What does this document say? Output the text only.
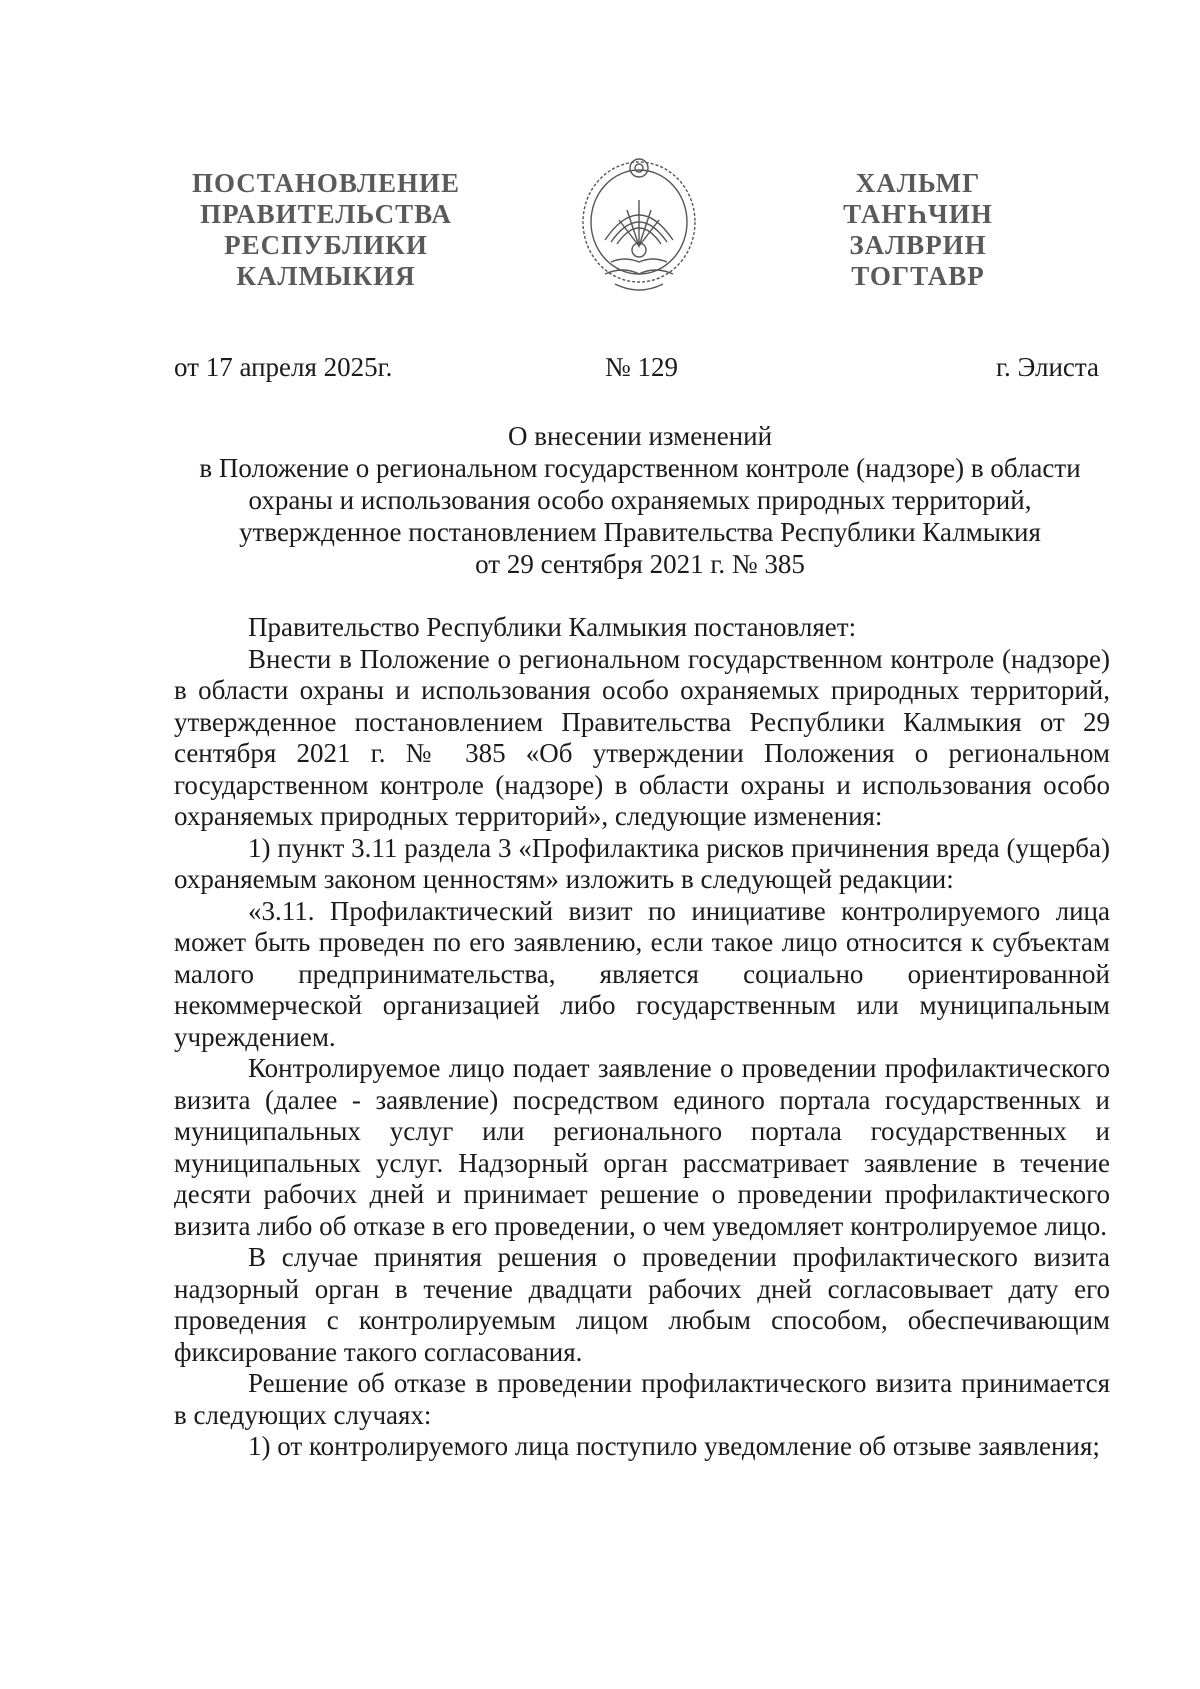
ПОСТАНОВЛЕНИЕ
ПРАВИТЕЛЬСТВА
РЕСПУБЛИКИ
КАЛМЫКИЯ
ХАЛЬМГ
ТАҤҺЧИН
ЗАЛВРИН
ТОГТАВР
от 17 апреля 2025г.	№ 129	г. Элиста
О внесении изменений
в Положение о региональном государственном контроле (надзоре) в области
охраны и использования особо охраняемых природных территорий,
утвержденное постановлением Правительства Республики Калмыкия
от 29 сентября 2021 г. № 385

Правительство Республики Калмыкия постановляет:

Внести в Положение о региональном государственном контроле (надзоре) в области охраны и использования особо охраняемых природных территорий, утвержденное постановлением Правительства Республики Калмыкия от 29 сентября 2021 г. № 385 «Об утверждении Положения о региональном государственном контроле (надзоре) в области охраны и использования особо охраняемых природных территорий», следующие изменения:

1) пункт 3.11 раздела 3 «Профилактика рисков причинения вреда (ущерба) охраняемым законом ценностям» изложить в следующей редакции:

«3.11. Профилактический визит по инициативе контролируемого лица может быть проведен по его заявлению, если такое лицо относится к субъектам малого предпринимательства, является социально ориентированной некоммерческой организацией либо государственным или муниципальным учреждением.

Контролируемое лицо подает заявление о проведении профилактического визита (далее - заявление) посредством единого портала государственных и муниципальных услуг или регионального портала государственных и муниципальных услуг. Надзорный орган рассматривает заявление в течение десяти рабочих дней и принимает решение о проведении профилактического визита либо об отказе в его проведении, о чем уведомляет контролируемое лицо.

В случае принятия решения о проведении профилактического визита надзорный орган в течение двадцати рабочих дней согласовывает дату его проведения с контролируемым лицом любым способом, обеспечивающим фиксирование такого согласования.

Решение об отказе в проведении профилактического визита принимается в следующих случаях:

1) от контролируемого лица поступило уведомление об отзыве заявления;
